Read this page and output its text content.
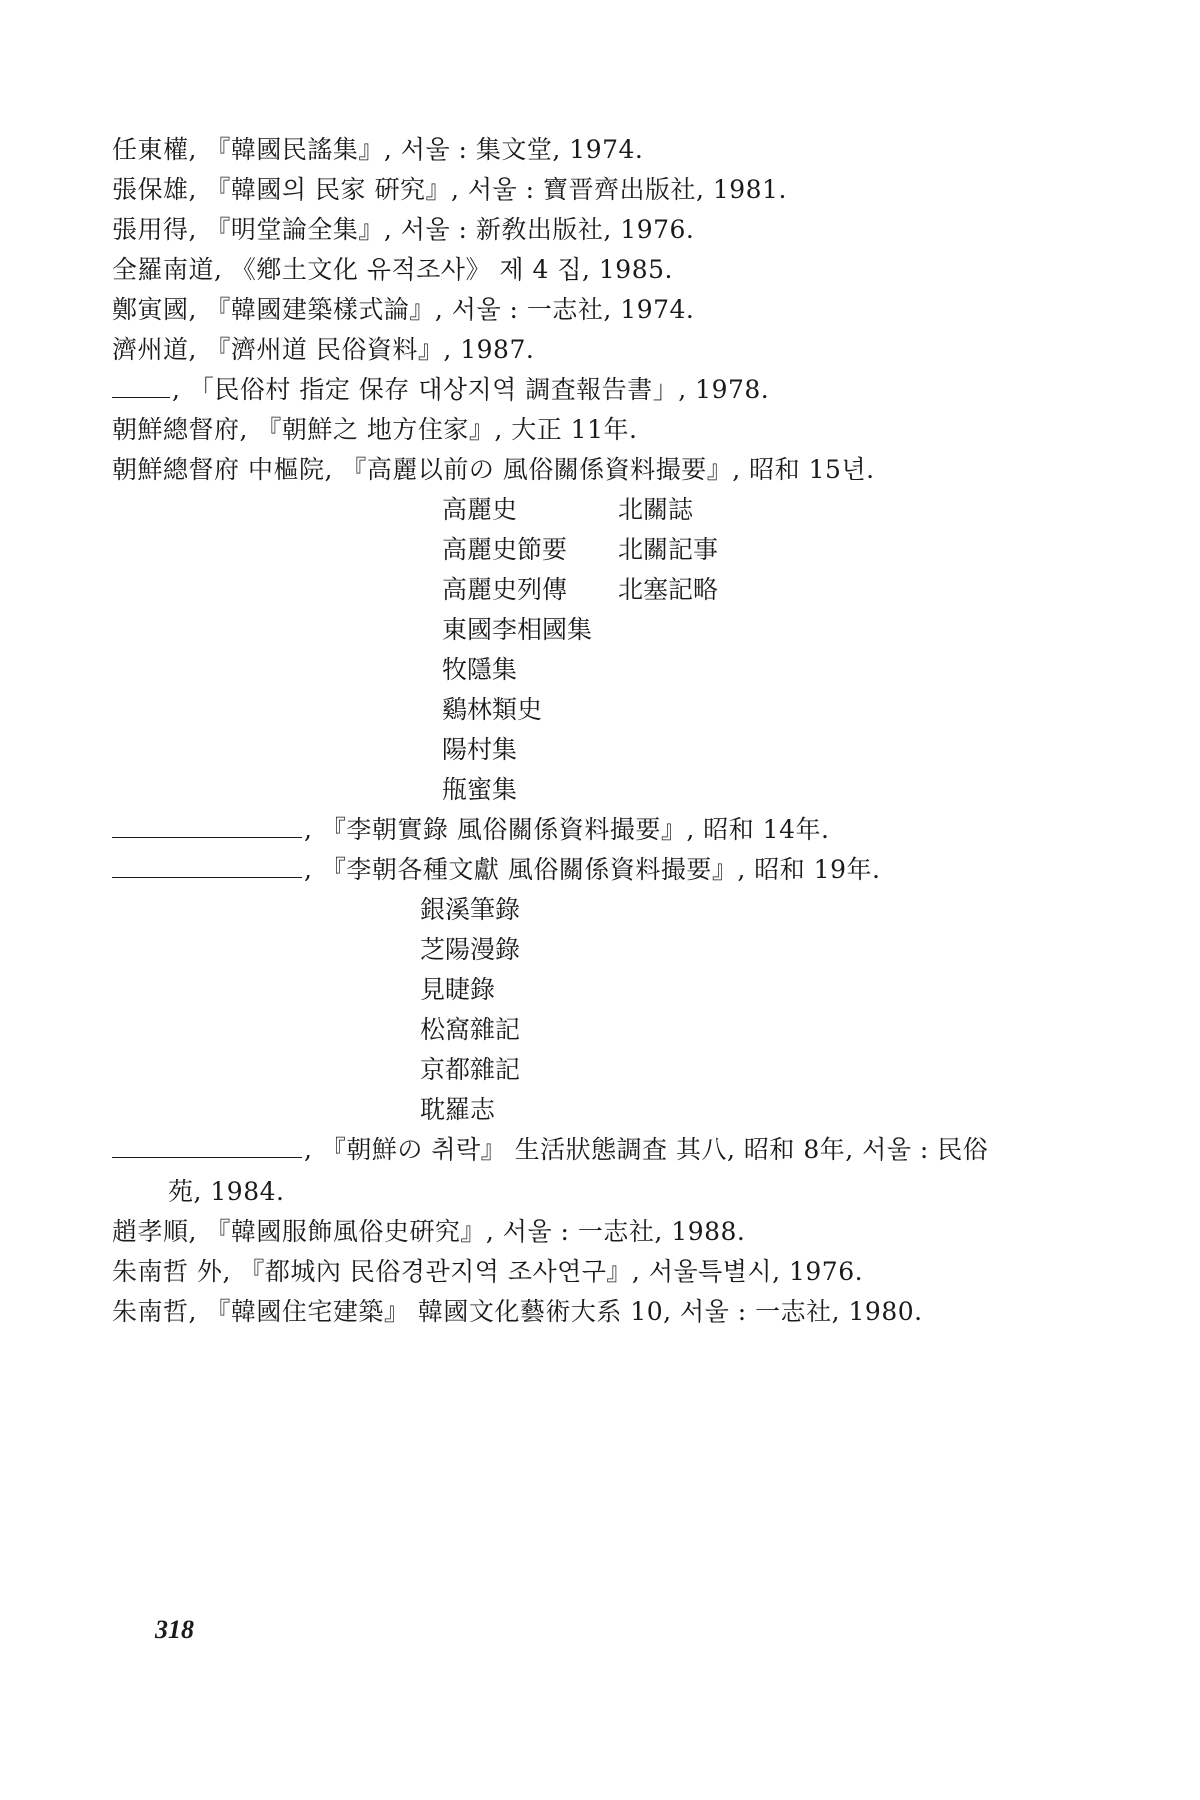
任東權, 『韓國民謠集』, 서울 : 集文堂, 1974.
張保雄, 『韓國의 民家 硏究』, 서울 : 寶晋齊出版社, 1981.
張用得, 『明堂論全集』, 서울 : 新敎出版社, 1976.
全羅南道, 《鄕土文化 유적조사》 제 4 집, 1985.
鄭寅國, 『韓國建築樣式論』, 서울 : 一志社, 1974.
濟州道, 『濟州道 民俗資料』, 1987.
, 「民俗村 指定 保存 대상지역 調査報告書」, 1978.
朝鮮總督府, 『朝鮮之 地方住家』, 大正 11年.
朝鮮總督府 中樞院, 『高麗以前の 風俗關係資料撮要』, 昭和 15년.
高麗史
高麗史節要
高麗史列傳
東國李相國集
牧隱集
鷄林類史
陽村集
甁蜜集
北關誌
北關記事
北塞記略
, 『李朝實錄 風俗關係資料撮要』, 昭和 14年.
, 『李朝各種文獻 風俗關係資料撮要』, 昭和 19年.
銀溪筆錄
芝陽漫錄
見睫錄
松窩雜記
京都雜記
耽羅志
, 『朝鮮の 취락』 生活狀態調査 其八, 昭和 8年, 서울 : 民俗
苑, 1984.
趙孝順, 『韓國服飾風俗史硏究』, 서울 : 一志社, 1988.
朱南哲 外, 『都城內 民俗경관지역 조사연구』, 서울특별시, 1976.
朱南哲, 『韓國住宅建築』 韓國文化藝術大系 10, 서울 : 一志社, 1980.
318
